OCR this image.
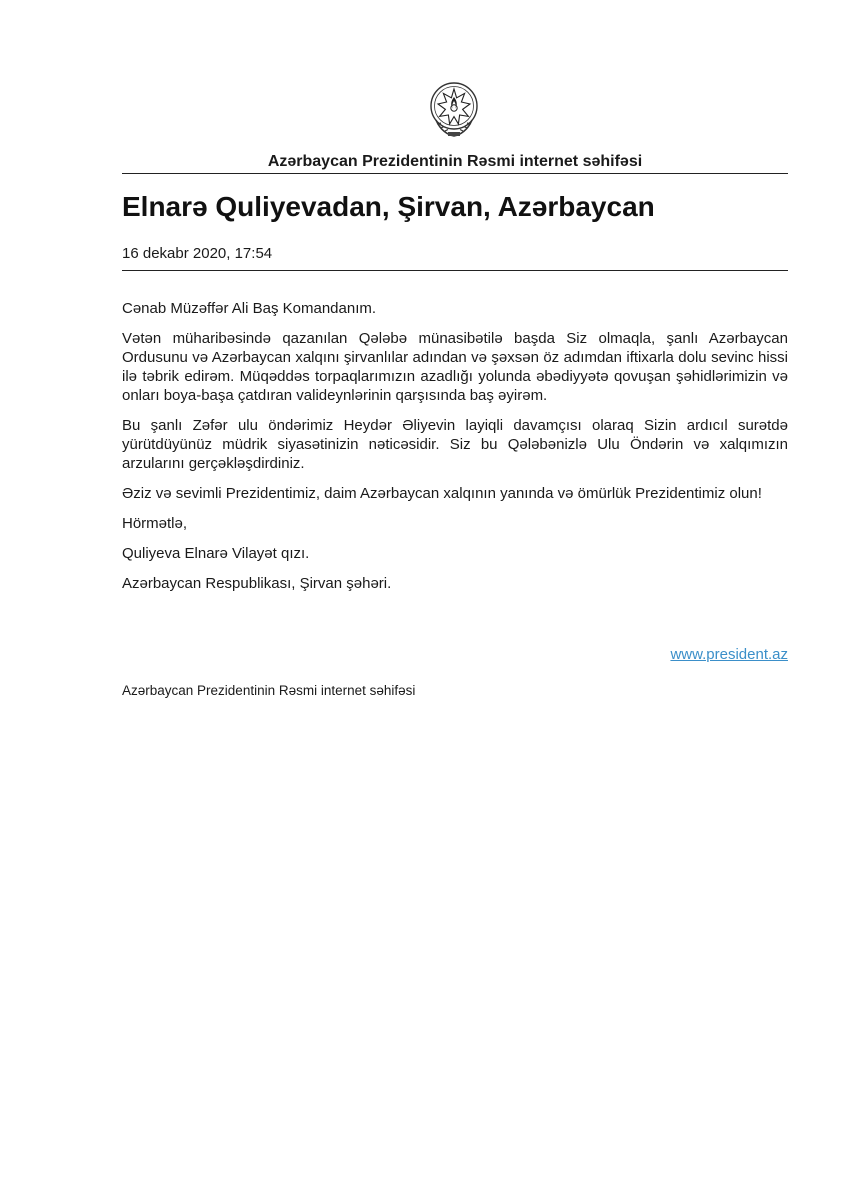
Azərbaycan Prezidentinin Rəsmi internet səhifəsi
Elnarə Quliyevadan, Şirvan, Azərbaycan
16 dekabr 2020, 17:54

Cənab Müzəffər Ali Baş Komandanım.

Vətən müharibəsində qazanılan Qələbə münasibətilə başda Siz olmaqla, şanlı Azərbaycan Ordusunu və Azərbaycan xalqını şirvanlılar adından və şəxsən öz adımdan iftixarla dolu sevinc hissi ilə təbrik edirəm. Müqəddəs torpaqlarımızın azadlığı yolunda əbədiyyətə qovuşan şəhidlərimizin və onları boya-başa çatdıran valideynlərinin qarşısında baş əyirəm.

Bu şanlı Zəfər ulu öndərimiz Heydər Əliyevin layiqli davamçısı olaraq Sizin ardıcıl surətdə yürütdüyünüz müdrik siyasətinizin nəticəsidir. Siz bu Qələbənizlə Ulu Öndərin və xalqımızın arzularını gerçəkləşdirdiniz.

Əziz və sevimli Prezidentimiz, daim Azərbaycan xalqının yanında və ömürlük Prezidentimiz olun!

Hörmətlə,

Quliyeva Elnarə Vilayət qızı.

Azərbaycan Respublikası, Şirvan şəhəri.

www.president.az
Azərbaycan Prezidentinin Rəsmi internet səhifəsi
